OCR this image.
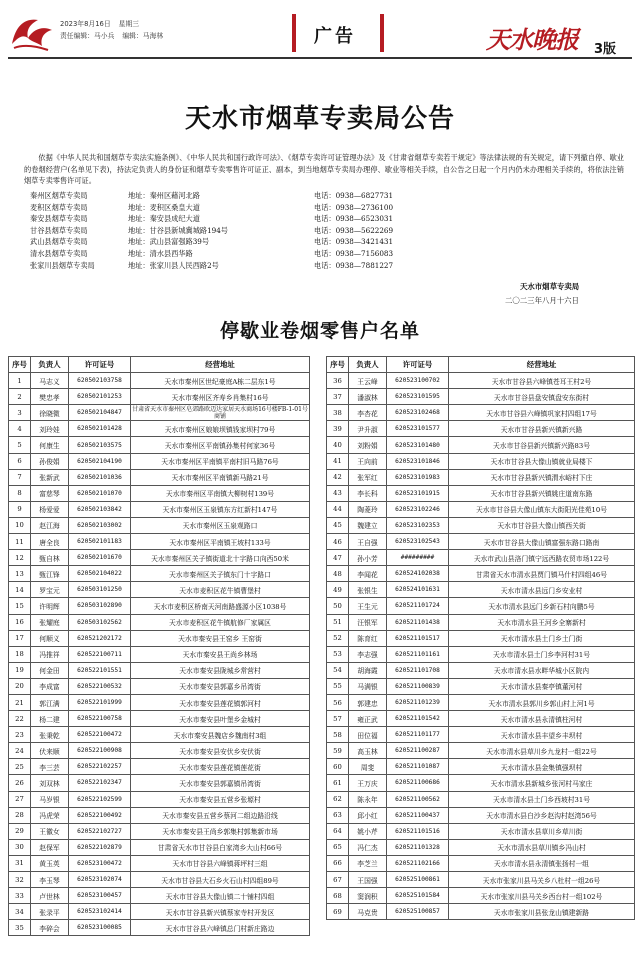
2023年8月16日 星期三
责任编辑：马小兵 编辑：马海林	广告	天水晚报 3版
天水市烟草专卖局公告

依据《中华人民共和国烟草专卖法实施条例》、《中华人民共和国行政许可法》、《烟草专卖许可证管理办法》及《甘肃省烟草专卖若干规定》等法律法规的有关规定，请下列撤自停、歇业的卷烟经营户(名单见下表)，持法定负责人的身份证和烟草专卖零售许可证正、副本，到当地烟草专卖局办理停、歇业等相关手续，自公告之日起一个月内仍未办理相关手续的，将依法注销烟草专卖零售许可证。

秦州区烟草专卖局	地址：秦州区藉河北路	电话：0938—6827731
麦积区烟草专卖局	地址：麦积区桑皇大道	电话：0938—2736100
秦安县烟草专卖局	地址：秦安县成纪大道	电话：0938—6523031
甘谷县烟草专卖局	地址：甘谷县新城冀城路194号	电话：0938—5622269
武山县烟草专卖局	地址：武山县富强路39号	电话：0938—3421431
清水县烟草专卖局	地址：清水县西华路	电话：0938—7156083
张家川县烟草专卖局	地址：张家川县人民西路2号	电话：0938—7881227
天水市烟草专卖局
二〇二三年八月十六日
停歇业卷烟零售户名单
序号	负责人	许可证号	经营地址
1	马志义	620502103758	天水市秦州区世纪豪庭A栋二层东1号
2	樊忠孝	620502101253	天水市秦州区齐寿乡肖集村16号
3	徐晓微	620502104847	甘肃省天水市秦州区皂郊路欧迈达家居天水商场16号楼FB-1-01号商铺
4	刘玲娃	620502101428	天水市秦州区娘娘坝镇钱家坝村79号
5	何康生	620502103575	天水市秦州区平南镇孙集村何家36号
6	孙俊娟	620502104190	天水市秦州区平南镇平南村旧马路76号
7	张新武	620502101036	天水市秦州区平南镇新马路21号
8	富慈琴	620502101070	天水市秦州区平南镇大柳树村139号
9	杨爱爱	620502103842	天水市秦州区玉泉镇东方红新村147号
10	赵江海	620502103002	天水市秦州区玉泉观路口
11	唐全良	620502101183	天水市秦州区平南镇王坡村133号
12	甄自林	620502101670	天水市秦州区关子镇街道北十字路口向西50米
13	甄江锋	620502104022	天水市秦州区关子镇东门十字路口
14	罗宝元	620503101250	天水市麦积区花牛镇曹堡村
15	许明辉	620503102890	天水市麦积区桥南天河南路盛源小区1038号
16	张耀庭	620503102562	天水市麦积区花牛镇航修厂家属区
17	何顺义	620521202172	天水市秦安县王窑乡 王窑街
18	冯推祥	620522100711	天水市秦安县王尚乡林场
19	何金田	620522101551	天水市秦安县陇城乡常营村
20	李成富	620522100532	天水市秦安县郭嘉乡吊湾街
21	郭江满	620522101999	天水市秦安县莲花镇郭河村
22	杨二建	620522100758	天水市秦安县叶堡乡金城村
23	张秉乾	620522100472	天水市秦安县魏店乡魏南村3组
24	伏来顺	620522100908	天水市秦安县安伏乡安伏街
25	李三芸	620522102257	天水市秦安县莲花镇莲花街
26	刘双林	620522102347	天水市秦安县郭嘉镇吊湾街
27	马岁银	620522102599	天水市秦安县五营乡张塬村
28	冯虎荣	620522100492	天水市秦安县五营乡蔡河二组边路沿线
29	王徽女	620522102727	天水市秦安县王尚乡郭集村郭集新市场
30	赵保军	620522102879	甘肃省天水市甘谷县白家湾乡大山村66号
31	黄玉英	620523100472	天水市甘谷县六峰镇蒋坪村三组
32	李玉琴	620523102074	天水市甘谷县大石乡火石山村四组89号
33	卢世林	620523100457	天水市甘谷县大像山镇二十铺村四组
34	张录平	620523102414	天水市甘谷县新兴镇蔡家寺村开发区
35	李碎会	620523100085	天水市甘谷县六峰镇总门村新庄路边
序号	负责人	许可证号	经营地址
36	王云峰	620523100702	天水市甘谷县六峰镇苍耳王村2号
37	潘淑林	620523101595	天水市甘谷县盘安镇盘安东街村
38	李杏花	620523102468	天水市甘谷县六峰镇巩家村四组17号
39	尹升淑	620523101577	天水市甘谷县新兴镇新兴路
40	刘粉娟	620523101480	天水市甘谷县新兴镇新兴路83号
41	王向前	620523101846	天水市甘谷县大像山镇就业局楼下
42	张军红	620523101983	天水市甘谷县新兴镇渭水峪村下庄
43	李长科	620523101915	天水市甘谷县新兴镇姚庄道南东路
44	陶菱玲	620523102246	天水市甘谷县大像山镇东大街阳光佳苑10号
45	魏建立	620523102353	天水市甘谷县大像山镇西关街
46	王自强	620523102543	天水市甘谷县大像山镇富强东路口路南
47	孙小芳	#########	天水市武山县洛门镇宁远西路农贸市场122号
48	李闻花	620524102038	甘肃省天水市清水县贾门镇马什村四组46号
49	张银生	620524101631	天水市清水县远门乡安业村
50	王生元	620521101724	天水市清水县远门乡新石村向鹏5号
51	汪银军	620521101438	天水市清水县王河乡全寨新村
52	陈育红	620521101517	天水市清水县土门乡土门街
53	李志强	620521101161	天水市清水县土门乡李河村31号
54	胡海霞	620521101708	天水市清水县水畔华城小区院内
55	马满银	620521100839	天水市清水县秦亭镇董河村
56	郭建忠	620521101239	天水市清水县郭川乡郭山村上河1号
57	雍正武	620521101542	天水市清水县永清镇柱河村
58	田位福	620521101177	天水市清水县丰望乡丰坝村
59	高玉林	620521100287	天水市清水县草川乡九龙村一组22号
60	周斐	620521101087	天水市清水县金集镇强坝村
61	王万庆	620521100686	天水市清水县新城乡张河村马家庄
62	陈永年	620521100562	天水市清水县土门乡西坡村31号
63	邱小红	620521100437	天水市清水县白沙乡赵沟村赵湾56号
64	姚小芹	620521101516	天水市清水县草川乡草川街
65	冯仁杰	620521101328	天水市清水县草川镇乡冯山村
66	李芝兰	620521102166	天水市清水县永清镇张扬村一组
67	王国强	620525100861	天水市张家川县马关乡八杜村一组26号
68	窦润积	620525101584	天水市张家川县马关乡西台村一组102号
69	马克贵	620525100857	天水市张家川县张龙山镇建新路
